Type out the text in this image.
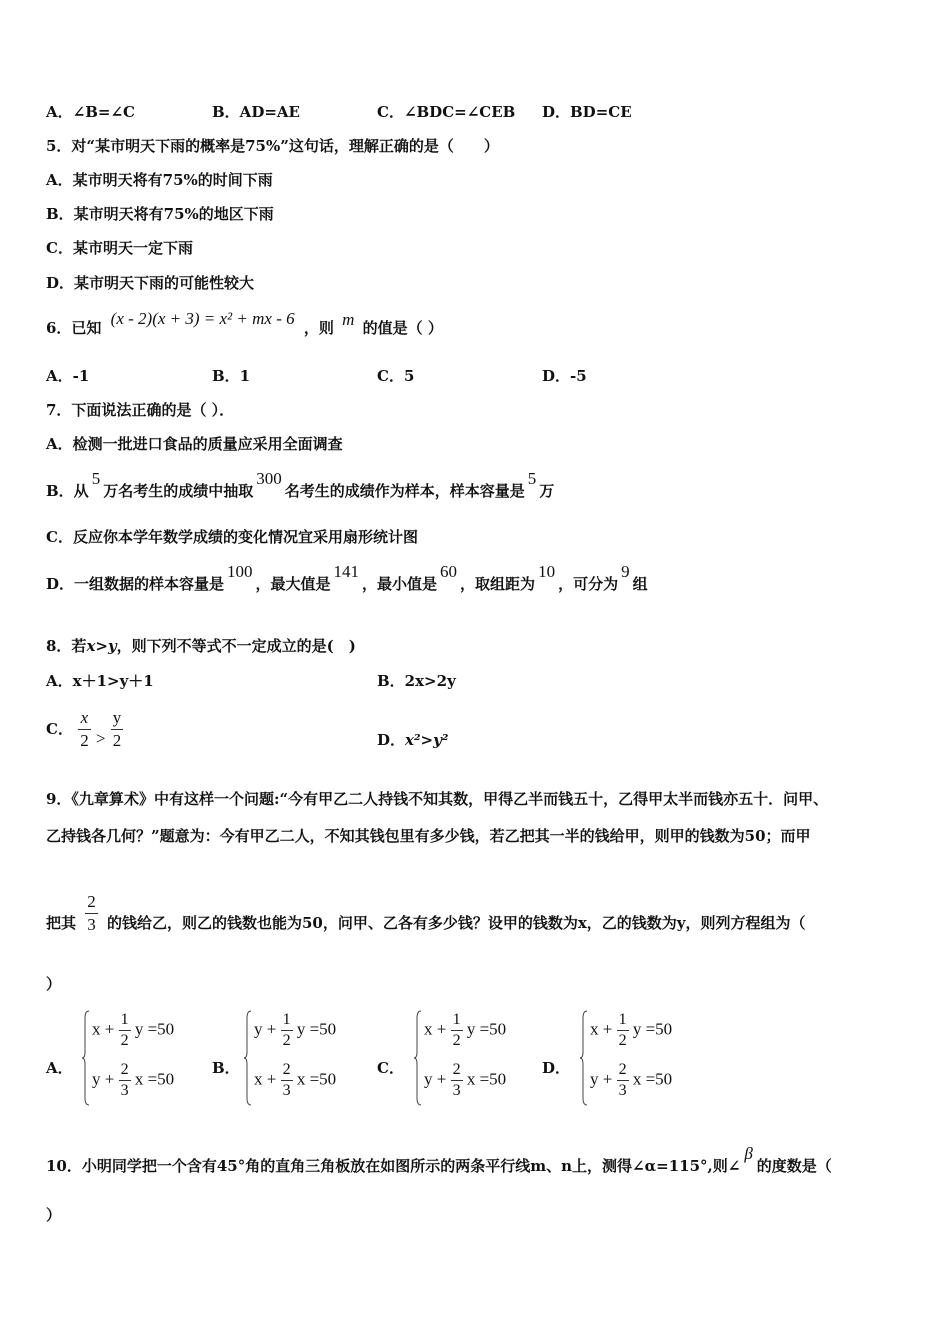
A．∠B=∠C	B．AD=AE	C．∠BDC=∠CEB D．BD=CE
5．对“某市明天下雨的概率是75%”这句话，理解正确的是（　　）
A．某市明天将有75%的时间下雨
B．某市明天将有75%的地区下雨
C．某市明天一定下雨
D．某市明天下雨的可能性较大
6．已知 (x - 2)(x + 3) = x² + mx - 6 ，则 m 的值是（ ）
A．-1	B．1	C．5	D．-5
7．下面说法正确的是（ ）．
A．检测一批进口食品的质量应采用全面调查
B．从5万名考生的成绩中抽取300名考生的成绩作为样本，样本容量是5万
C．反应你本学年数学成绩的变化情况宜采用扇形统计图
D．一组数据的样本容量是100，最大值是141，最小值是60，取组距为10，可分为9组
8．若x>y，则下列不等式不一定成立的是(　)
A．x＋1>y＋1	B．2x>2y
C． $\frac{x}{2} > \frac{y}{2}$	D．x²>y²
9．《九章算术》中有这样一个问题:“今有甲乙二人持钱不知其数，甲得乙半而钱五十，乙得甲太半而钱亦五十．问甲、
乙持钱各几何？”题意为：今有甲乙二人，不知其钱包里有多少钱，若乙把其一半的钱给甲，则甲的钱数为50；而甲
把其 $\frac{2}{3}$ 的钱给乙，则乙的钱数也能为50，问甲、乙各有多少钱？设甲的钱数为x，乙的钱数为y，则列方程组为（
）
A．
$x + \frac{1}{2}$ y =50
$y + \frac{2}{3}$ x =50
B．
$y + \frac{1}{2}$ y =50
$x + \frac{2}{3}$ x =50
C．
$x + \frac{1}{2}$ y =50
$y + \frac{2}{3}$ x =50
D．
$x + \frac{1}{2}$ y =50
$y + \frac{2}{3}$ x =50
10．小明同学把一个含有45°角的直角三角板放在如图所示的两条平行线m、n上，测得∠α=115°,则∠β的度数是（
）
